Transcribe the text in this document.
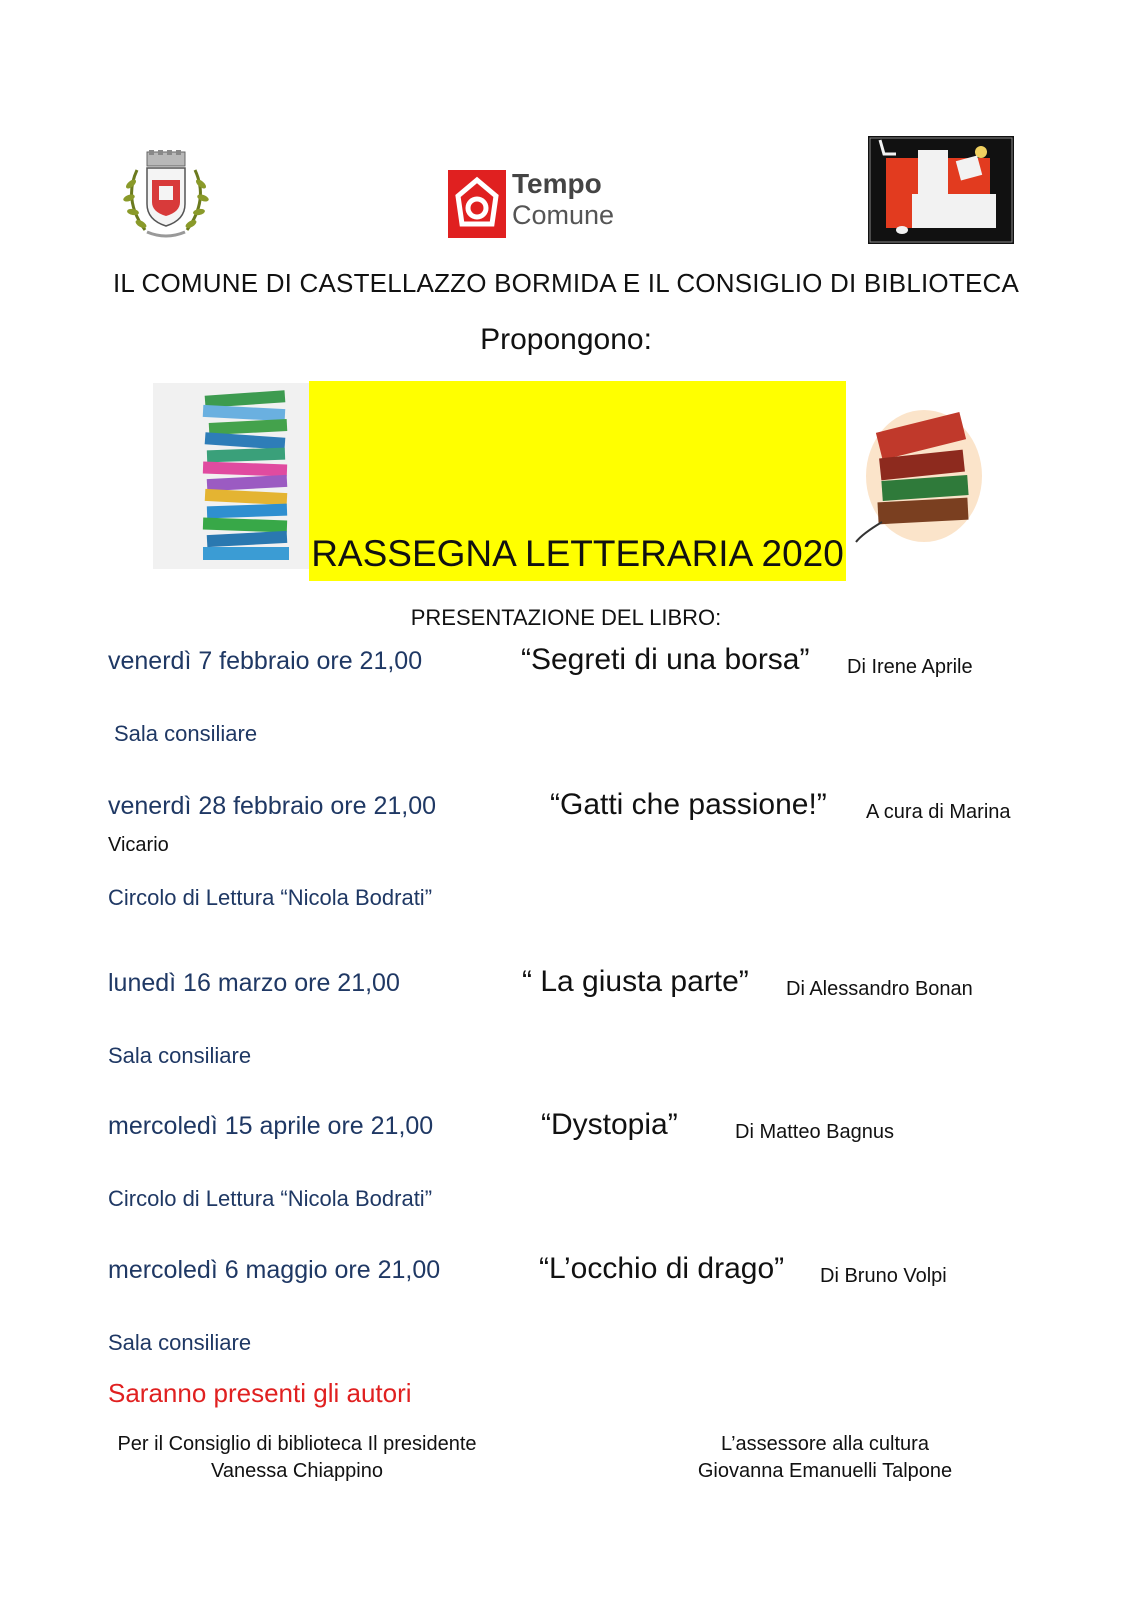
Tempo
Comune
IL COMUNE DI CASTELLAZZO BORMIDA E IL CONSIGLIO DI BIBLIOTECA
Propongono:
RASSEGNA LETTERARIA 2020
PRESENTAZIONE DEL LIBRO:
venerdì 7 febbraio ore 21,00	“Segreti di una borsa” Di Irene Aprile
Sala consiliare
venerdì 28 febbraio ore 21,00	“Gatti che passione!” A cura di Marina
Vicario
Circolo di Lettura “Nicola Bodrati”
lunedì 16 marzo ore 21,00	“ La giusta parte” Di Alessandro Bonan
Sala consiliare
mercoledì 15 aprile ore 21,00	“Dystopia”	Di Matteo Bagnus
Circolo di Lettura “Nicola Bodrati”
mercoledì 6 maggio ore 21,00	“L’occhio di drago” Di Bruno Volpi
Sala consiliare
Saranno presenti gli autori
Per il Consiglio di biblioteca Il presidente
Vanessa Chiappino
L’assessore alla cultura
Giovanna Emanuelli Talpone
